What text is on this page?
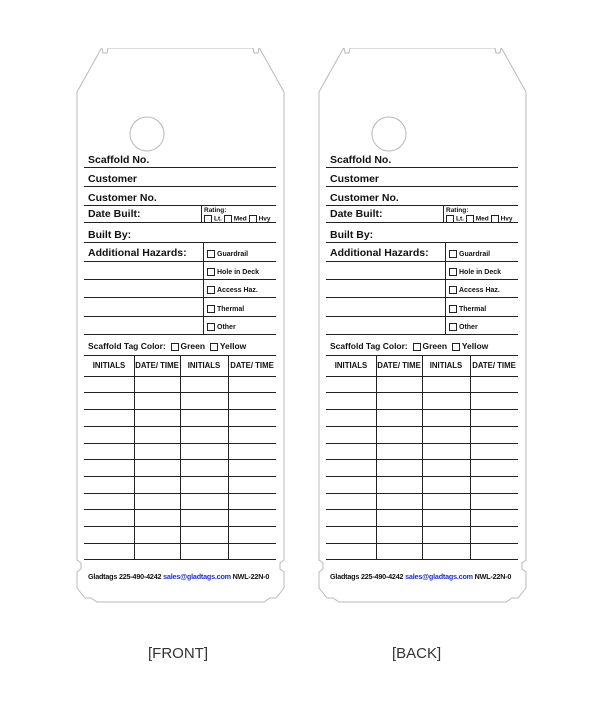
Scaffold No.
Customer
Customer No.
Date Built:	Rating:
Lt. Med Hvy
Built By:
Additional Hazards:	Guardrail
Hole in Deck
Access Haz.
Thermal
Other
Scaffold Tag Color: Green Yellow
INITIALS	DATE/ TIME	INITIALS	DATE/ TIME
Gladtags 225-490-4242 sales@gladtags.com NWL-22N-0
Scaffold No.
Customer
Customer No.
Date Built:	Rating:
Lt. Med Hvy
Built By:
Additional Hazards:	Guardrail
Hole in Deck
Access Haz.
Thermal
Other
Scaffold Tag Color: Green Yellow
INITIALS	DATE/ TIME	INITIALS	DATE/ TIME
Gladtags 225-490-4242 sales@gladtags.com NWL-22N-0
[FRONT]	[BACK]
